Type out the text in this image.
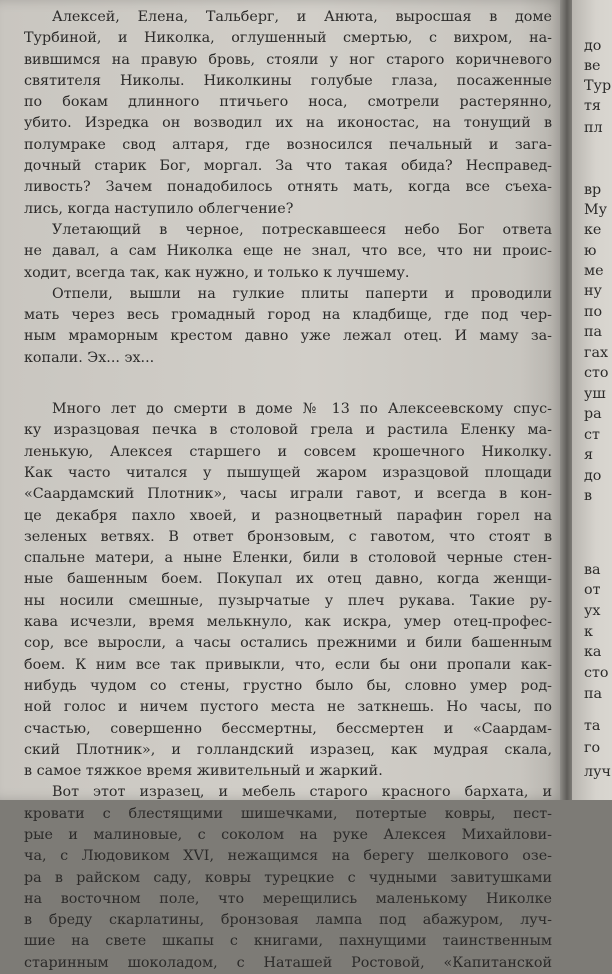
Алексей, Елена, Тальберг, и Анюта, выросшая в доме
Турбиной, и Николка, оглушенный смертью, с вихром, на-
вившимся на правую бровь, стояли у ног старого коричневого
святителя Николы. Николкины голубые глаза, посаженные
по бокам длинного птичьего носа, смотрели растерянно,
убито. Изредка он возводил их на иконостас, на тонущий в
полумраке свод алтаря, где возносился печальный и зага-
дочный старик Бог, моргал. За что такая обида? Несправед-
ливость? Зачем понадобилось отнять мать, когда все съеха-
лись, когда наступило облегчение?
Улетающий в черное, потрескавшееся небо Бог ответа
не давал, а сам Николка еще не знал, что все, что ни проис-
ходит, всегда так, как нужно, и только к лучшему.
Отпели, вышли на гулкие плиты паперти и проводили
мать через весь громадный город на кладбище, где под чер-
ным мраморным крестом давно уже лежал отец. И маму за-
копали. Эх... эх...
Много лет до смерти в доме № 13 по Алексеевскому спус-
ку изразцовая печка в столовой грела и растила Еленку ма-
ленькую, Алексея старшего и совсем крошечного Николку.
Как часто читался у пышущей жаром изразцовой площади
«Саардамский Плотник», часы играли гавот, и всегда в кон-
це декабря пахло хвоей, и разноцветный парафин горел на
зеленых ветвях. В ответ бронзовым, с гавотом, что стоят в
спальне матери, а ныне Еленки, били в столовой черные стен-
ные башенным боем. Покупал их отец давно, когда женщи-
ны носили смешные, пузырчатые у плеч рукава. Такие ру-
кава исчезли, время мелькнуло, как искра, умер отец-профес-
сор, все выросли, а часы остались прежними и били башенным
боем. К ним все так привыкли, что, если бы они пропали как-
нибудь чудом со стены, грустно было бы, словно умер род-
ной голос и ничем пустого места не заткнешь. Но часы, по
счастью, совершенно бессмертны, бессмертен и «Саардам-
ский Плотник», и голландский изразец, как мудрая скала,
в самое тяжкое время живительный и жаркий.
Вот этот изразец, и мебель старого красного бархата, и
кровати с блестящими шишечками, потертые ковры, пест-
рые и малиновые, с соколом на руке Алексея Михайлови-
ча, с Людовиком XVI, нежащимся на берегу шелкового озе-
ра в райском саду, ковры турецкие с чудными завитушками
на восточном поле, что мерещились маленькому Николке
в бреду скарлатины, бронзовая лампа под абажуром, луч-
шие на свете шкапы с книгами, пахнущими таинственным
старинным шоколадом, с Наташей Ростовой, «Капитанской
до
ве
Тур
тя
пл
вр
Му
ке
ю
ме
ну
по
па
гах
сто
уш
ра
ст
я
до
в
ва
от
ух
к
ка
сто
па
та
го
луч
